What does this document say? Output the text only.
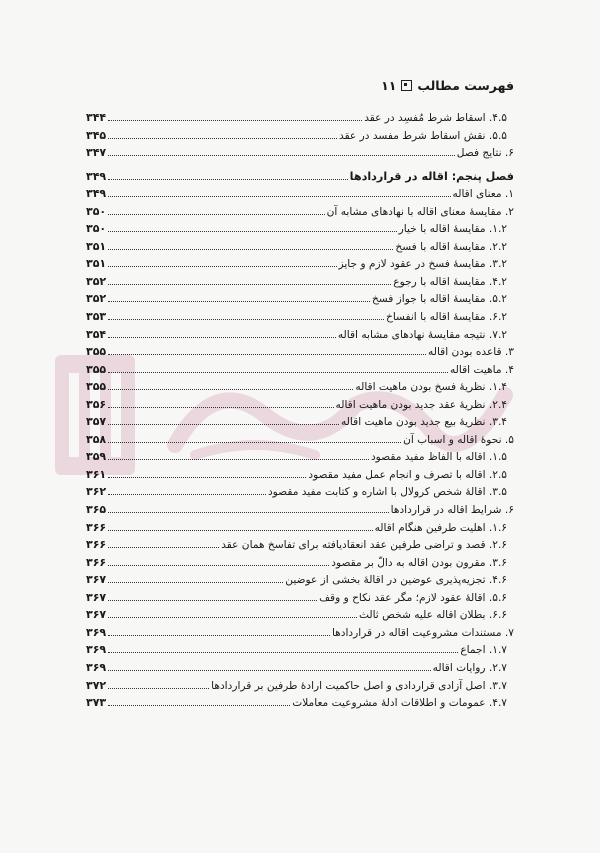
فهرست مطالب
۱۱
۴.۵. اسقاط شرط مُفسِد در عقد
۳۴۴
۵.۵. نقش اسقاط شرط مفسد در عقد
۳۴۵
۶. نتایج فصل
۳۴۷
فصل پنجم: اقاله در قراردادها
۳۴۹
۱. معنای اقاله
۳۴۹
۲. مقایسهٔ معنای اقاله با نهادهای مشابه آن
۳۵۰
۱.۲. مقایسهٔ اقاله با خیار
۳۵۰
۲.۲. مقایسهٔ اقاله با فسخ
۳۵۱
۳.۲. مقایسهٔ فسخ در عقود لازم و جایز
۳۵۱
۴.۲. مقایسهٔ اقاله با رجوع
۳۵۲
۵.۲. مقایسهٔ اقاله با جواز فسخ
۳۵۲
۶.۲. مقایسهٔ اقاله با انفساخ
۳۵۳
۷.۲. نتیجه مقایسهٔ نهادهای مشابه اقاله
۳۵۴
۳. قاعده بودن اقاله
۳۵۵
۴. ماهیت اقاله
۳۵۵
۱.۴. نظریهٔ فسخ بودن ماهیت اقاله
۳۵۵
۲.۴. نظریهٔ عقد جدید بودن ماهیت اقاله
۳۵۶
۳.۴. نظریهٔ بیع جدید بودن ماهیت اقاله
۳۵۷
۵. نحوهٔ اقاله و اسباب آن
۳۵۸
۱.۵. اقاله با الفاظ مفید مقصود
۳۵۹
۲.۵. اقاله با تصرف و انجام عمل مفید مقصود
۳۶۱
۳.۵. اقالهٔ شخص کرولال با اشاره و کتابت مفید مقصود
۳۶۲
۶. شرایط اقاله در قراردادها
۳۶۵
۱.۶. اهلیت طرفین هنگام اقاله
۳۶۶
۲.۶. قصد و تراضی طرفین عقد انعقادیافته برای تفاسخ همان عقد
۳۶۶
۳.۶. مقرون بودن اقاله به دالّ بر مقصود
۳۶۶
۴.۶. تجزیه‌پذیری عوضین در اقالهٔ بخشی از عوضین
۳۶۷
۵.۶. اقالهٔ عقود لازم؛ مگر عقد نکاح و وقف
۳۶۷
۶.۶. بطلان اقاله علیه شخص ثالث
۳۶۷
۷. مستندات مشروعیت اقاله در قراردادها
۳۶۹
۱.۷. اجماع
۳۶۹
۲.۷. روایات اقاله
۳۶۹
۳.۷. اصل آزادی قراردادی و اصل حاکمیت ارادهٔ طرفین بر قراردادها
۳۷۲
۴.۷. عمومات و اطلاقات ادلهٔ مشروعیت معاملات
۳۷۳
